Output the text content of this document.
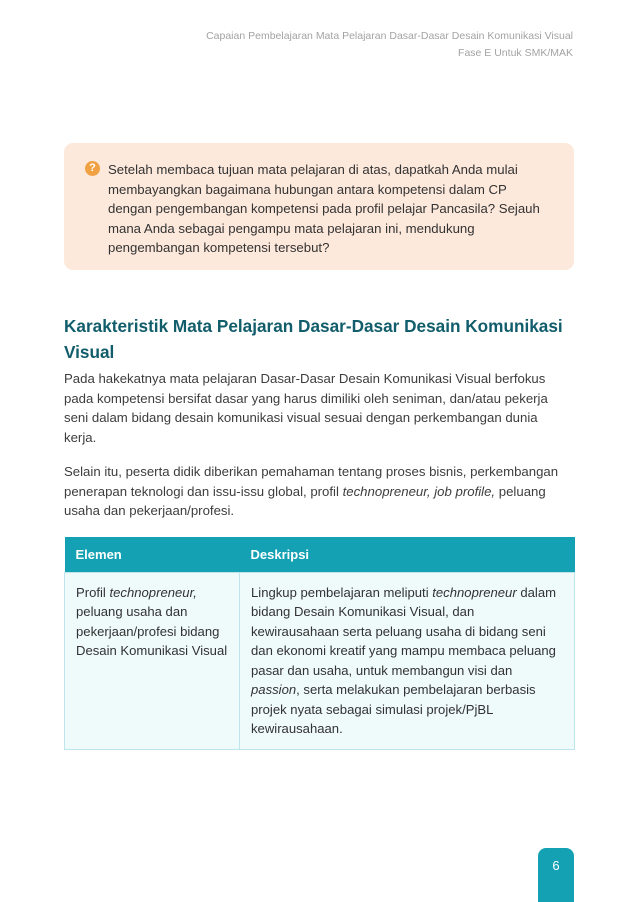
Capaian Pembelajaran Mata Pelajaran Dasar-Dasar Desain Komunikasi Visual
Fase E Untuk SMK/MAK
? Setelah membaca tujuan mata pelajaran di atas, dapatkah Anda mulai membayangkan bagaimana hubungan antara kompetensi dalam CP dengan pengembangan kompetensi pada profil pelajar Pancasila? Sejauh mana Anda sebagai pengampu mata pelajaran ini, mendukung pengembangan kompetensi tersebut?
Karakteristik Mata Pelajaran Dasar-Dasar Desain Komunikasi Visual

Pada hakekatnya mata pelajaran Dasar-Dasar Desain Komunikasi Visual berfokus pada kompetensi bersifat dasar yang harus dimiliki oleh seniman, dan/atau pekerja seni dalam bidang desain komunikasi visual sesuai dengan perkembangan dunia kerja.

Selain itu, peserta didik diberikan pemahaman tentang proses bisnis, perkembangan penerapan teknologi dan issu-issu global, profil technopreneur, job profile, peluang usaha dan pekerjaan/profesi.

Elemen	Deskripsi
Profil technopreneur, peluang usaha dan pekerjaan/profesi bidang Desain Komunikasi Visual	Lingkup pembelajaran meliputi technopreneur dalam bidang Desain Komunikasi Visual, dan kewirausahaan serta peluang usaha di bidang seni dan ekonomi kreatif yang mampu membaca peluang pasar dan usaha, untuk membangun visi dan passion, serta melakukan pembelajaran berbasis projek nyata sebagai simulasi projek/PjBL kewirausahaan.
6
